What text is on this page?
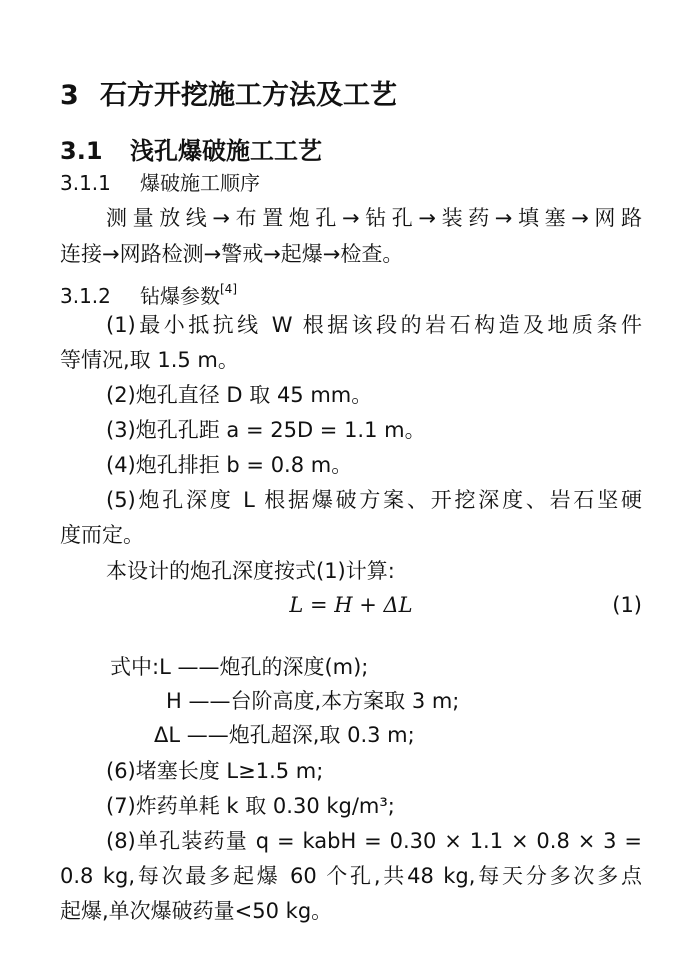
3 石方开挖施工方法及工艺
3.1 浅孔爆破施工工艺
3.1.1 爆破施工顺序
测量放线→布置炮孔→钻孔→装药→填塞→网路
连接→网路检测→警戒→起爆→检查。
3.1.2 钻爆参数[4]
(1)最小抵抗线 W 根据该段的岩石构造及地质条件
等情况,取 1.5 m。
(2)炮孔直径 D 取 45 mm。
(3)炮孔孔距 a = 25D = 1.1 m。
(4)炮孔排拒 b = 0.8 m。
(5)炮孔深度 L 根据爆破方案、开挖深度、岩石坚硬
度而定。
本设计的炮孔深度按式(1)计算:
L = H + ΔL	(1)
式中:L ——炮孔的深度(m);
H ——台阶高度,本方案取 3 m;
ΔL ——炮孔超深,取 0.3 m;
(6)堵塞长度 L≥1.5 m;
(7)炸药单耗 k 取 0.30 kg/m³;
(8)单孔装药量 q = kabH = 0.30 × 1.1 × 0.8 × 3 =
0.8 kg,每次最多起爆 60 个孔,共48 kg,每天分多次多点
起爆,单次爆破药量<50 kg。
